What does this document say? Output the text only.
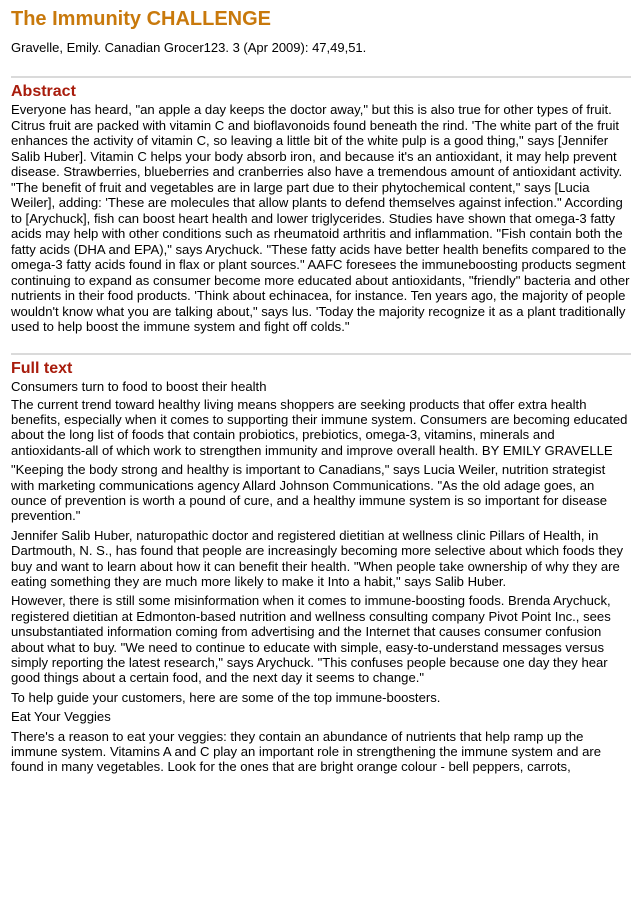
The Immunity CHALLENGE
Gravelle, Emily. Canadian Grocer123. 3 (Apr 2009): 47,49,51.
Abstract

Everyone has heard, "an apple a day keeps the doctor away," but this is also true for other types of fruit. Citrus fruit are packed with vitamin C and bioflavonoids found beneath the rind. 'The white part of the fruit enhances the activity of vitamin C, so leaving a little bit of the white pulp is a good thing," says [Jennifer Salib Huber]. Vitamin C helps your body absorb iron, and because it's an antioxidant, it may help prevent disease. Strawberries, blueberries and cranberries also have a tremendous amount of antioxidant activity. "The benefit of fruit and vegetables are in large part due to their phytochemical content," says [Lucia Weiler], adding: 'These are molecules that allow plants to defend themselves against infection." According to [Arychuck], fish can boost heart health and lower triglycerides. Studies have shown that omega-3 fatty acids may help with other conditions such as rheumatoid arthritis and inflammation. "Fish contain both the fatty acids (DHA and EPA)," says Arychuck. "These fatty acids have better health benefits compared to the omega-3 fatty acids found in flax or plant sources." AAFC foresees the immuneboosting products segment continuing to expand as consumer become more educated about antioxidants, "friendly" bacteria and other nutrients in their food products. 'Think about echinacea, for instance. Ten years ago, the majority of people wouldn't know what you are talking about," says lus. 'Today the majority recognize it as a plant traditionally used to help boost the immune system and fight off colds."

Full text
Consumers turn to food to boost their health

The current trend toward healthy living means shoppers are seeking products that offer extra health benefits, especially when it comes to supporting their immune system. Consumers are becoming educated about the long list of foods that contain probiotics, prebiotics, omega-3, vitamins, minerals and antioxidants-all of which work to strengthen immunity and improve overall health. BY EMILY GRAVELLE

"Keeping the body strong and healthy is important to Canadians," says Lucia Weiler, nutrition strategist with marketing communications agency Allard Johnson Communications. "As the old adage goes, an ounce of prevention is worth a pound of cure, and a healthy immune system is so important for disease prevention."

Jennifer Salib Huber, naturopathic doctor and registered dietitian at wellness clinic Pillars of Health, in Dartmouth, N. S., has found that people are increasingly becoming more selective about which foods they buy and want to learn about how it can benefit their health. "When people take ownership of why they are eating something they are much more likely to make it Into a habit," says Salib Huber.

However, there is still some misinformation when it comes to immune-boosting foods. Brenda Arychuck, registered dietitian at Edmonton-based nutrition and wellness consulting company Pivot Point Inc., sees unsubstantiated information coming from advertising and the Internet that causes consumer confusion about what to buy. "We need to continue to educate with simple, easy-to-understand messages versus simply reporting the latest research," says Arychuck. "This confuses people because one day they hear good things about a certain food, and the next day it seems to change."

To help guide your customers, here are some of the top immune-boosters.

Eat Your Veggies

There's a reason to eat your veggies: they contain an abundance of nutrients that help ramp up the immune system. Vitamins A and C play an important role in strengthening the immune system and are found in many vegetables. Look for the ones that are bright orange colour - bell peppers, carrots,
